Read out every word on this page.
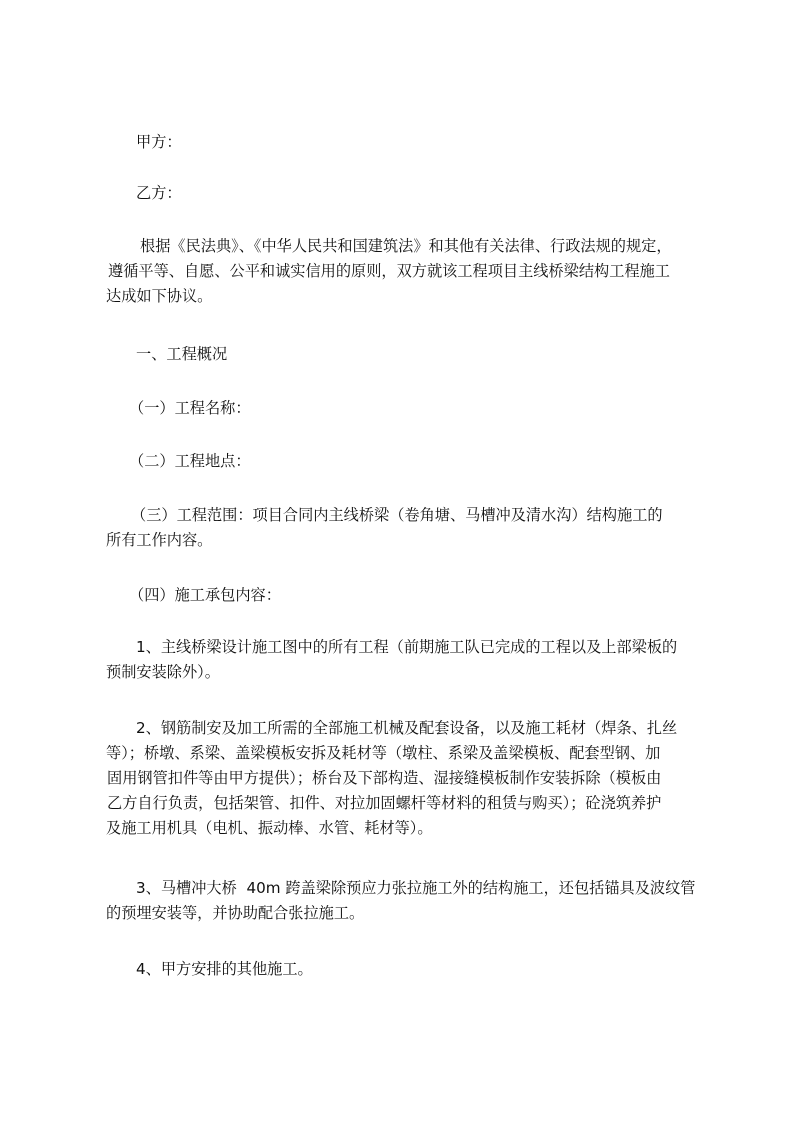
甲方：

乙方：

根据《民法典》、《中华人民共和国建筑法》和其他有关法律、行政法规的规定，
遵循平等、自愿、公平和诚实信用的原则，双方就该工程项目主线桥梁结构工程施工
达成如下协议。

一、工程概况

（一）工程名称：

（二）工程地点：

（三）工程范围：项目合同内主线桥梁（卷角塘、马槽冲及清水沟）结构施工的
所有工作内容。

（四）施工承包内容：

1、主线桥梁设计施工图中的所有工程（前期施工队已完成的工程以及上部梁板的
预制安装除外）。

2、钢筋制安及加工所需的全部施工机械及配套设备，以及施工耗材（焊条、扎丝
等）；桥墩、系梁、盖梁模板安拆及耗材等（墩柱、系梁及盖梁模板、配套型钢、加
固用钢管扣件等由甲方提供）；桥台及下部构造、湿接缝模板制作安装拆除（模板由
乙方自行负责，包括架管、扣件、对拉加固螺杆等材料的租赁与购买）；砼浇筑养护
及施工用机具（电机、振动棒、水管、耗材等）。

3、马槽冲大桥  40m 跨盖梁除预应力张拉施工外的结构施工，还包括锚具及波纹管
的预埋安装等，并协助配合张拉施工。

4、甲方安排的其他施工。
